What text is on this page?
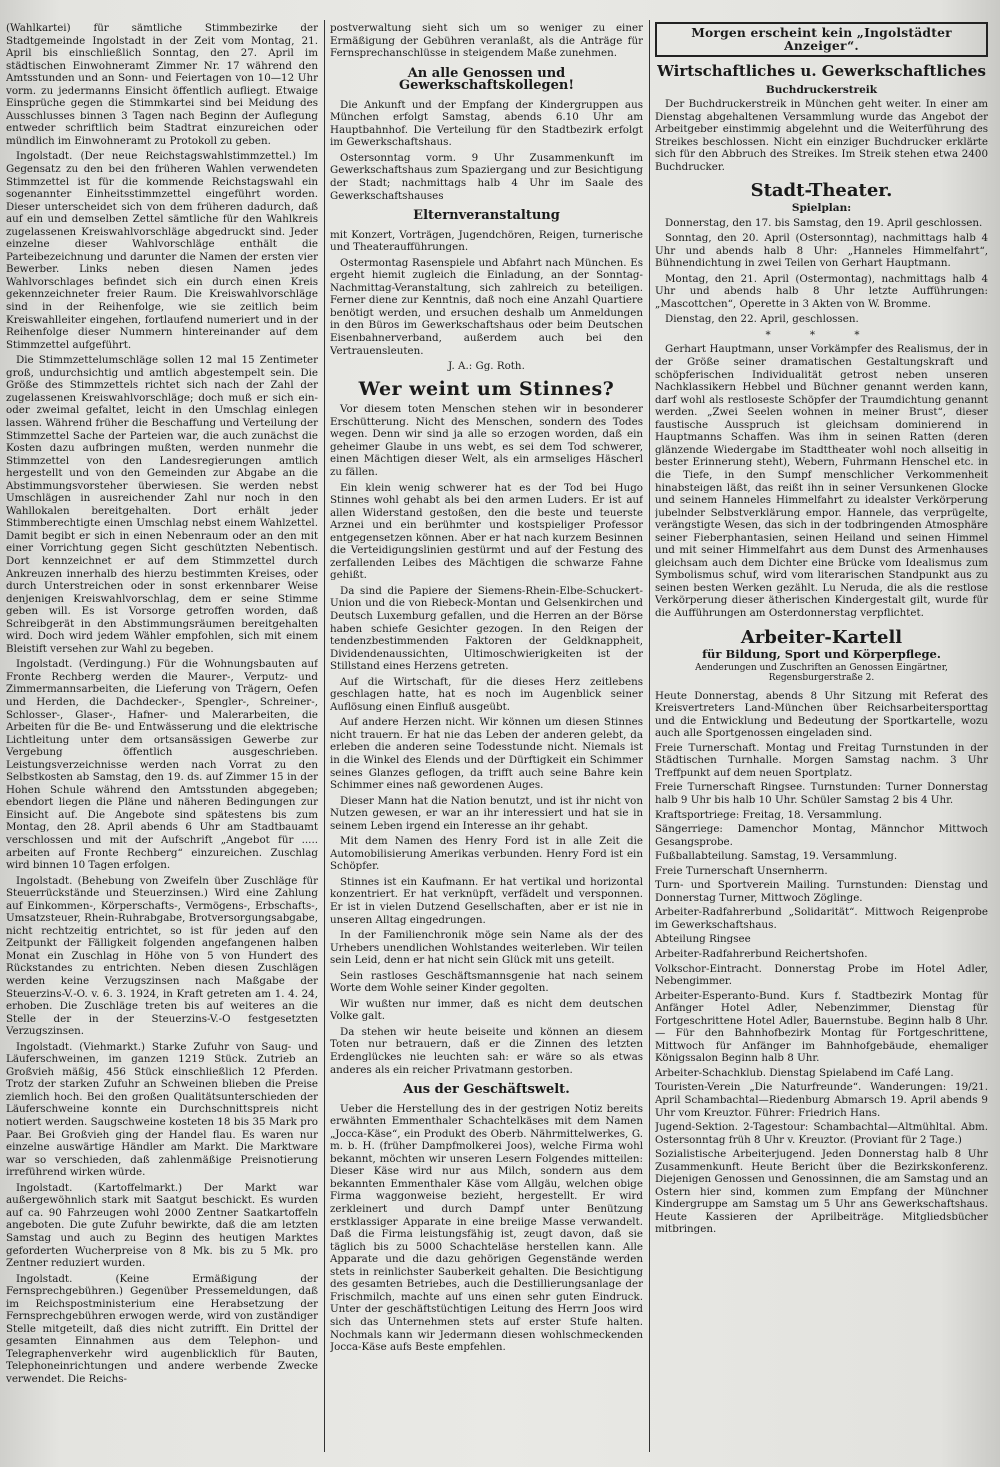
(Wahlkartei) für sämtliche Stimmbezirke der Stadtgemeinde Ingolstadt in der Zeit vom Montag, 21. April bis einschließlich Sonntag, den 27. April im städtischen Einwohneramt Zimmer Nr. 17 während den Amtsstunden und an Sonn- und Feiertagen von 10—12 Uhr vorm. zu jedermanns Einsicht öffentlich aufliegt. Etwaige Einsprüche gegen die Stimmkartei sind bei Meidung des Ausschlusses binnen 3 Tagen nach Beginn der Auflegung entweder schriftlich beim Stadtrat einzureichen oder mündlich im Einwohneramt zu Protokoll zu geben.

Ingolstadt. (Der neue Reichstagswahlstimmzettel.) Im Gegensatz zu den bei den früheren Wahlen verwendeten Stimmzettel ist für die kommende Reichstagswahl ein sogenannter Einheitsstimmzettel eingeführt worden. Dieser unterscheidet sich von dem früheren dadurch, daß auf ein und demselben Zettel sämtliche für den Wahlkreis zugelassenen Kreiswahlvorschläge abgedruckt sind. Jeder einzelne dieser Wahlvorschläge enthält die Parteibezeichnung und darunter die Namen der ersten vier Bewerber. Links neben diesen Namen jedes Wahlvorschlages befindet sich ein durch einen Kreis gekennzeichneter freier Raum. Die Kreiswahlvorschläge sind in der Reihenfolge, wie sie zeitlich beim Kreiswahlleiter eingehen, fortlaufend numeriert und in der Reihenfolge dieser Nummern hintereinander auf dem Stimmzettel aufgeführt.

Die Stimmzettelumschläge sollen 12 mal 15 Zentimeter groß, undurchsichtig und amtlich abgestempelt sein. Die Größe des Stimmzettels richtet sich nach der Zahl der zugelassenen Kreiswahlvorschläge; doch muß er sich ein- oder zweimal gefaltet, leicht in den Umschlag einlegen lassen. Während früher die Beschaffung und Verteilung der Stimmzettel Sache der Parteien war, die auch zunächst die Kosten dazu aufbringen mußten, werden nunmehr die Stimmzettel von den Landesregierungen amtlich hergestellt und von den Gemeinden zur Abgabe an die Abstimmungsvorsteher überwiesen. Sie werden nebst Umschlägen in ausreichender Zahl nur noch in den Wahllokalen bereitgehalten. Dort erhält jeder Stimmberechtigte einen Umschlag nebst einem Wahlzettel. Damit begibt er sich in einen Nebenraum oder an den mit einer Vorrichtung gegen Sicht geschützten Nebentisch. Dort kennzeichnet er auf dem Stimmzettel durch Ankreuzen innerhalb des hierzu bestimmten Kreises, oder durch Unterstreichen oder in sonst erkennbarer Weise denjenigen Kreiswahlvorschlag, dem er seine Stimme geben will. Es ist Vorsorge getroffen worden, daß Schreibgerät in den Abstimmungsräumen bereitgehalten wird. Doch wird jedem Wähler empfohlen, sich mit einem Bleistift versehen zur Wahl zu begeben.

Ingolstadt. (Verdingung.) Für die Wohnungsbauten auf Fronte Rechberg werden die Maurer-, Verputz- und Zimmermannsarbeiten, die Lieferung von Trägern, Oefen und Herden, die Dachdecker-, Spengler-, Schreiner-, Schlosser-, Glaser-, Hafner- und Malerarbeiten, die Arbeiten für die Be- und Entwässerung und die elektrische Lichtleitung unter dem ortsansässigen Gewerbe zur Vergebung öffentlich ausgeschrieben. Leistungsverzeichnisse werden nach Vorrat zu den Selbstkosten ab Samstag, den 19. ds. auf Zimmer 15 in der Hohen Schule während den Amtsstunden abgegeben; ebendort liegen die Pläne und näheren Bedingungen zur Einsicht auf. Die Angebote sind spätestens bis zum Montag, den 28. April abends 6 Uhr am Stadtbauamt verschlossen und mit der Aufschrift „Angebot für ..... arbeiten auf Fronte Rechberg“ einzureichen. Zuschlag wird binnen 10 Tagen erfolgen.

Ingolstadt. (Behebung von Zweifeln über Zuschläge für Steuerrückstände und Steuerzinsen.) Wird eine Zahlung auf Einkommen-, Körperschafts-, Vermögens-, Erbschafts-, Umsatzsteuer, Rhein-Ruhrabgabe, Brotversorgungsabgabe, nicht rechtzeitig entrichtet, so ist für jeden auf den Zeitpunkt der Fälligkeit folgenden angefangenen halben Monat ein Zuschlag in Höhe von 5 von Hundert des Rückstandes zu entrichten. Neben diesen Zuschlägen werden keine Verzugszinsen nach Maßgabe der Steuerzins-V.-O. v. 6. 3. 1924, in Kraft getreten am 1. 4. 24, erhoben. Die Zuschläge treten bis auf weiteres an die Stelle der in der Steuerzins-V.-O festgesetzten Verzugszinsen.

Ingolstadt. (Viehmarkt.) Starke Zufuhr von Saug- und Läuferschweinen, im ganzen 1219 Stück. Zutrieb an Großvieh mäßig, 456 Stück einschließlich 12 Pferden. Trotz der starken Zufuhr an Schweinen blieben die Preise ziemlich hoch. Bei den großen Qualitätsunterschieden der Läuferschweine konnte ein Durchschnittspreis nicht notiert werden. Saugschweine kosteten 18 bis 35 Mark pro Paar. Bei Großvieh ging der Handel flau. Es waren nur einzelne auswärtige Händler am Markt. Die Marktware war so verschieden, daß zahlenmäßige Preisnotierung irreführend wirken würde.

Ingolstadt. (Kartoffelmarkt.) Der Markt war außergewöhnlich stark mit Saatgut beschickt. Es wurden auf ca. 90 Fahrzeugen wohl 2000 Zentner Saatkartoffeln angeboten. Die gute Zufuhr bewirkte, daß die am letzten Samstag und auch zu Beginn des heutigen Marktes geforderten Wucherpreise von 8 Mk. bis zu 5 Mk. pro Zentner reduziert wurden.

Ingolstadt. (Keine Ermäßigung der Fernsprechgebühren.) Gegenüber Pressemeldungen, daß im Reichspostministerium eine Herabsetzung der Fernsprechgebühren erwogen werde, wird von zuständiger Stelle mitgeteilt, daß dies nicht zutrifft. Ein Drittel der gesamten Einnahmen aus dem Telephon- und Telegraphenverkehr wird augenblicklich für Bauten, Telephoneinrichtungen und andere werbende Zwecke verwendet. Die Reichs-

postverwaltung sieht sich um so weniger zu einer Ermäßigung der Gebühren veranlaßt, als die Anträge für Fernsprechanschlüsse in steigendem Maße zunehmen.

An alle Genossen und Gewerkschaftskollegen!

Die Ankunft und der Empfang der Kindergruppen aus München erfolgt Samstag, abends 6.10 Uhr am Hauptbahnhof. Die Verteilung für den Stadtbezirk erfolgt im Gewerkschaftshaus.

Ostersonntag vorm. 9 Uhr Zusammenkunft im Gewerkschaftshaus zum Spaziergang und zur Besichtigung der Stadt; nachmittags halb 4 Uhr im Saale des Gewerkschaftshauses

Elternveranstaltung

mit Konzert, Vorträgen, Jugendchören, Reigen, turnerische und Theateraufführungen.

Ostermontag Rasenspiele und Abfahrt nach München. Es ergeht hiemit zugleich die Einladung, an der Sonntag-Nachmittag-Veranstaltung, sich zahlreich zu beteiligen. Ferner diene zur Kenntnis, daß noch eine Anzahl Quartiere benötigt werden, und ersuchen deshalb um Anmeldungen in den Büros im Gewerkschaftshaus oder beim Deutschen Eisenbahnerverband, außerdem auch bei den Vertrauensleuten.

J. A.: Gg. Roth.
Wer weint um Stinnes?

Vor diesem toten Menschen stehen wir in besonderer Erschütterung. Nicht des Menschen, sondern des Todes wegen. Denn wir sind ja alle so erzogen worden, daß ein geheimer Glaube in uns webt, es sei dem Tod schwerer, einen Mächtigen dieser Welt, als ein armseliges Häscherl zu fällen.

Ein klein wenig schwerer hat es der Tod bei Hugo Stinnes wohl gehabt als bei den armen Luders. Er ist auf allen Widerstand gestoßen, den die beste und teuerste Arznei und ein berühmter und kostspieliger Professor entgegensetzen können. Aber er hat nach kurzem Besinnen die Verteidigungslinien gestürmt und auf der Festung des zerfallenden Leibes des Mächtigen die schwarze Fahne gehißt.

Da sind die Papiere der Siemens-Rhein-Elbe-Schuckert-Union und die von Riebeck-Montan und Gelsenkirchen und Deutsch Luxemburg gefallen, und die Herren an der Börse haben schiefe Gesichter gezogen. In den Reigen der tendenzbestimmenden Faktoren der Geldknappheit, Dividendenaussichten, Ultimoschwierigkeiten ist der Stillstand eines Herzens getreten.

Auf die Wirtschaft, für die dieses Herz zeitlebens geschlagen hatte, hat es noch im Augenblick seiner Auflösung einen Einfluß ausgeübt.

Auf andere Herzen nicht. Wir können um diesen Stinnes nicht trauern. Er hat nie das Leben der anderen gelebt, da erleben die anderen seine Todesstunde nicht. Niemals ist in die Winkel des Elends und der Dürftigkeit ein Schimmer seines Glanzes geflogen, da trifft auch seine Bahre kein Schimmer eines naß gewordenen Auges.

Dieser Mann hat die Nation benutzt, und ist ihr nicht von Nutzen gewesen, er war an ihr interessiert und hat sie in seinem Leben irgend ein Interesse an ihr gehabt.

Mit dem Namen des Henry Ford ist in alle Zeit die Automobilisierung Amerikas verbunden. Henry Ford ist ein Schöpfer.

Stinnes ist ein Kaufmann. Er hat vertikal und horizontal konzentriert. Er hat verknüpft, verfädelt und versponnen. Er ist in vielen Dutzend Gesellschaften, aber er ist nie in unseren Alltag eingedrungen.

In der Familienchronik möge sein Name als der des Urhebers unendlichen Wohlstandes weiterleben. Wir teilen sein Leid, denn er hat nicht sein Glück mit uns geteilt.

Sein rastloses Geschäftsmannsgenie hat nach seinem Worte dem Wohle seiner Kinder gegolten.

Wir wußten nur immer, daß es nicht dem deutschen Volke galt.

Da stehen wir heute beiseite und können an diesem Toten nur betrauern, daß er die Zinnen des letzten Erdenglückes nie leuchten sah: er wäre so als etwas anderes als ein reicher Privatmann gestorben.

Aus der Geschäftswelt.

Ueber die Herstellung des in der gestrigen Notiz bereits erwähnten Emmenthaler Schachtelkäses mit dem Namen „Jocca-Käse“, ein Produkt des Oberb. Nährmittelwerkes, G. m. b. H. (früher Dampfmolkerei Joos), welche Firma wohl bekannt, möchten wir unseren Lesern Folgendes mitteilen: Dieser Käse wird nur aus Milch, sondern aus dem bekannten Emmenthaler Käse vom Allgäu, welchen obige Firma waggonweise bezieht, hergestellt. Er wird zerkleinert und durch Dampf unter Benützung erstklassiger Apparate in eine breiige Masse verwandelt. Daß die Firma leistungsfähig ist, zeugt davon, daß sie täglich bis zu 5000 Schachteläse herstellen kann. Alle Apparate und die dazu gehörigen Gegenstände werden stets in reinlichster Sauberkeit gehalten. Die Besichtigung des gesamten Betriebes, auch die Destillierungsanlage der Frischmilch, machte auf uns einen sehr guten Eindruck. Unter der geschäftstüchtigen Leitung des Herrn Joos wird sich das Unternehmen stets auf erster Stufe halten. Nochmals kann wir Jedermann diesen wohlschmeckenden Jocca-Käse aufs Beste empfehlen.

Morgen erscheint kein „Ingolstädter Anzeiger“.
Wirtschaftliches u. Gewerkschaftliches
Buchdruckerstreik

Der Buchdruckerstreik in München geht weiter. In einer am Dienstag abgehaltenen Versammlung wurde das Angebot der Arbeitgeber einstimmig abgelehnt und die Weiterführung des Streikes beschlossen. Nicht ein einziger Buchdrucker erklärte sich für den Abbruch des Streikes. Im Streik stehen etwa 2400 Buchdrucker.

Stadt-Theater.
Spielplan:

Donnerstag, den 17. bis Samstag, den 19. April geschlossen.

Sonntag, den 20. April (Ostersonntag), nachmittags halb 4 Uhr und abends halb 8 Uhr: „Hanneles Himmelfahrt“, Bühnendichtung in zwei Teilen von Gerhart Hauptmann.

Montag, den 21. April (Ostermontag), nachmittags halb 4 Uhr und abends halb 8 Uhr letzte Aufführungen: „Mascottchen“, Operette in 3 Akten von W. Bromme.

Dienstag, den 22. April, geschlossen.

* * *

Gerhart Hauptmann, unser Vorkämpfer des Realismus, der in der Größe seiner dramatischen Gestaltungskraft und schöpferischen Individualität getrost neben unseren Nachklassikern Hebbel und Büchner genannt werden kann, darf wohl als restloseste Schöpfer der Traumdichtung genannt werden. „Zwei Seelen wohnen in meiner Brust“, dieser faustische Ausspruch ist gleichsam dominierend in Hauptmanns Schaffen. Was ihm in seinen Ratten (deren glänzende Wiedergabe im Stadttheater wohl noch allseitig in bester Erinnerung steht), Webern, Fuhrmann Henschel etc. in die Tiefe, in den Sumpf menschlicher Verkommenheit hinabsteigen läßt, das reißt ihn in seiner Versunkenen Glocke und seinem Hanneles Himmelfahrt zu idealster Verkörperung jubelnder Selbstverklärung empor. Hannele, das verprügelte, verängstigte Wesen, das sich in der todbringenden Atmosphäre seiner Fieberphantasien, seinen Heiland und seinen Himmel und mit seiner Himmelfahrt aus dem Dunst des Armenhauses gleichsam auch dem Dichter eine Brücke vom Idealismus zum Symbolismus schuf, wird vom literarischen Standpunkt aus zu seinen besten Werken gezählt. Lu Neruda, die als die restlose Verkörperung dieser ätherischen Kindergestalt gilt, wurde für die Aufführungen am Osterdonnerstag verpflichtet.

Arbeiter-Kartell
für Bildung, Sport und Körperpflege.
Aenderungen und Zuschriften an Genossen Eingärtner, Regensburgerstraße 2.

Heute Donnerstag, abends 8 Uhr Sitzung mit Referat des Kreisvertreters Land-München über Reichsarbeitersporttag und die Entwicklung und Bedeutung der Sportkartelle, wozu auch alle Sportgenossen eingeladen sind.

Freie Turnerschaft. Montag und Freitag Turnstunden in der Städtischen Turnhalle. Morgen Samstag nachm. 3 Uhr Treffpunkt auf dem neuen Sportplatz.

Freie Turnerschaft Ringsee. Turnstunden: Turner Donnerstag halb 9 Uhr bis halb 10 Uhr. Schüler Samstag 2 bis 4 Uhr.

Kraftsportriege: Freitag, 18. Versammlung.

Sängerriege: Damenchor Montag, Männchor Mittwoch Gesangsprobe.

Fußballabteilung. Samstag, 19. Versammlung.

Freie Turnerschaft Unsernherrn.

Turn- und Sportverein Mailing. Turnstunden: Dienstag und Donnerstag Turner, Mittwoch Zöglinge.

Arbeiter-Radfahrerbund „Solidarität“. Mittwoch Reigenprobe im Gewerkschaftshaus.

Abteilung Ringsee

Arbeiter-Radfahrerbund Reichertshofen.

Volkschor-Eintracht. Donnerstag Probe im Hotel Adler, Nebengimmer.

Arbeiter-Esperanto-Bund. Kurs f. Stadtbezirk Montag für Anfänger Hotel Adler, Nebenzimmer, Dienstag für Fortgeschrittene Hotel Adler, Bauernstube. Beginn halb 8 Uhr. — Für den Bahnhofbezirk Montag für Fortgeschrittene, Mittwoch für Anfänger im Bahnhofgebäude, ehemaliger Königssalon Beginn halb 8 Uhr.

Arbeiter-Schachklub. Dienstag Spielabend im Café Lang.

Touristen-Verein „Die Naturfreunde“. Wanderungen: 19/21. April Schambachtal—Riedenburg Abmarsch 19. April abends 9 Uhr vom Kreuztor. Führer: Friedrich Hans.

Jugend-Sektion. 2-Tagestour: Schambachtal—Altmühltal. Abm. Ostersonntag früh 8 Uhr v. Kreuztor. (Proviant für 2 Tage.)

Sozialistische Arbeiterjugend. Jeden Donnerstag halb 8 Uhr Zusammenkunft. Heute Bericht über die Bezirkskonferenz. Diejenigen Genossen und Genossinnen, die am Samstag und an Ostern hier sind, kommen zum Empfang der Münchner Kindergruppe am Samstag um 5 Uhr ans Gewerkschaftshaus. Heute Kassieren der Aprilbeiträge. Mitgliedsbücher mitbringen.
